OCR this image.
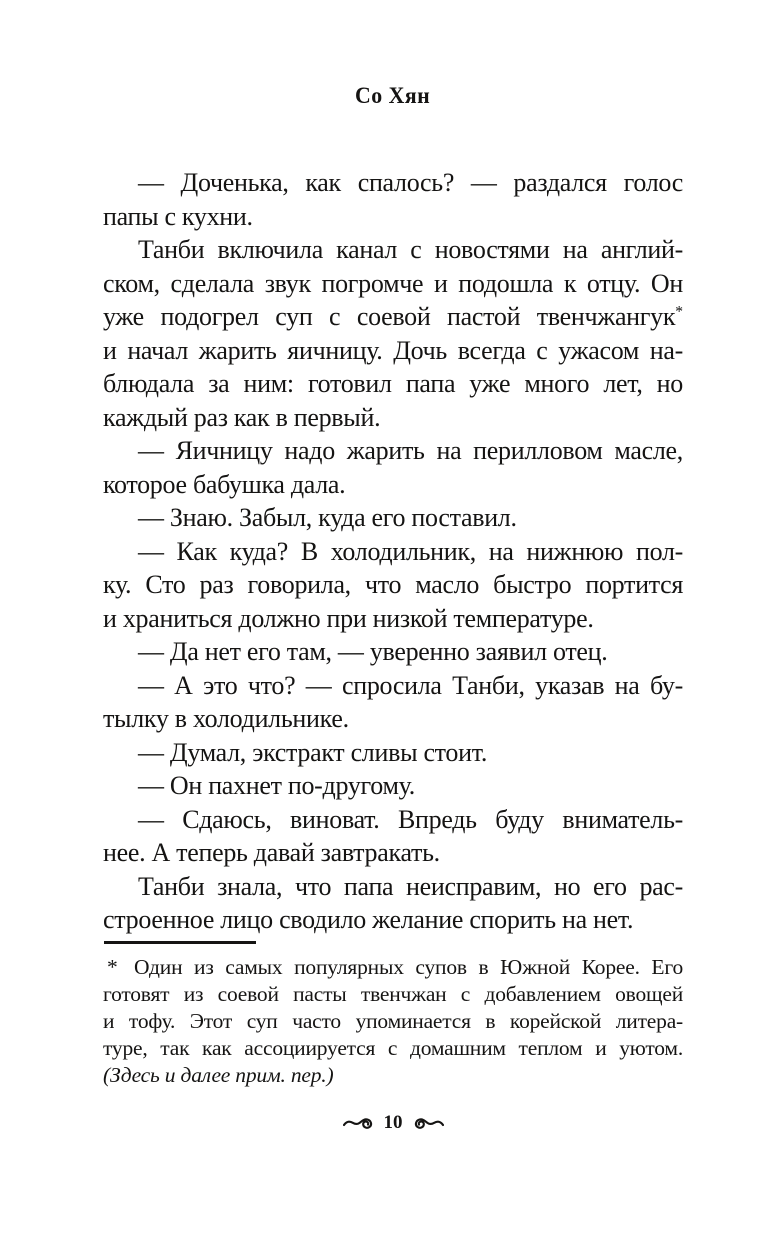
Со Хян
— Доченька, как спалось? — раздался голос
папы с кухни.
Танби включила канал с новостями на англий-
ском, сделала звук погромче и подошла к отцу. Он
уже подогрел суп с соевой пастой твенчжангук*
и начал жарить яичницу. Дочь всегда с ужасом на-
блюдала за ним: готовил папа уже много лет, но
каждый раз как в первый.
— Яичницу надо жарить на перилловом масле,
которое бабушка дала.
— Знаю. Забыл, куда его поставил.
— Как куда? В холодильник, на нижнюю пол-
ку. Сто раз говорила, что масло быстро портится
и храниться должно при низкой температуре.
— Да нет его там, — уверенно заявил отец.
— А это что? — спросила Танби, указав на бу-
тылку в холодильнике.
— Думал, экстракт сливы стоит.
— Он пахнет по-другому.
— Сдаюсь, виноват. Впредь буду вниматель-
нее. А теперь давай завтракать.
Танби знала, что папа неисправим, но его рас-
строенное лицо сводило желание спорить на нет.
* Один из самых популярных супов в Южной Корее. Его
готовят из соевой пасты твенчжан с добавлением овощей
и тофу. Этот суп часто упоминается в корейской литера-
туре, так как ассоциируется с домашним теплом и уютом.
(Здесь и далее прим. пер.)
10
